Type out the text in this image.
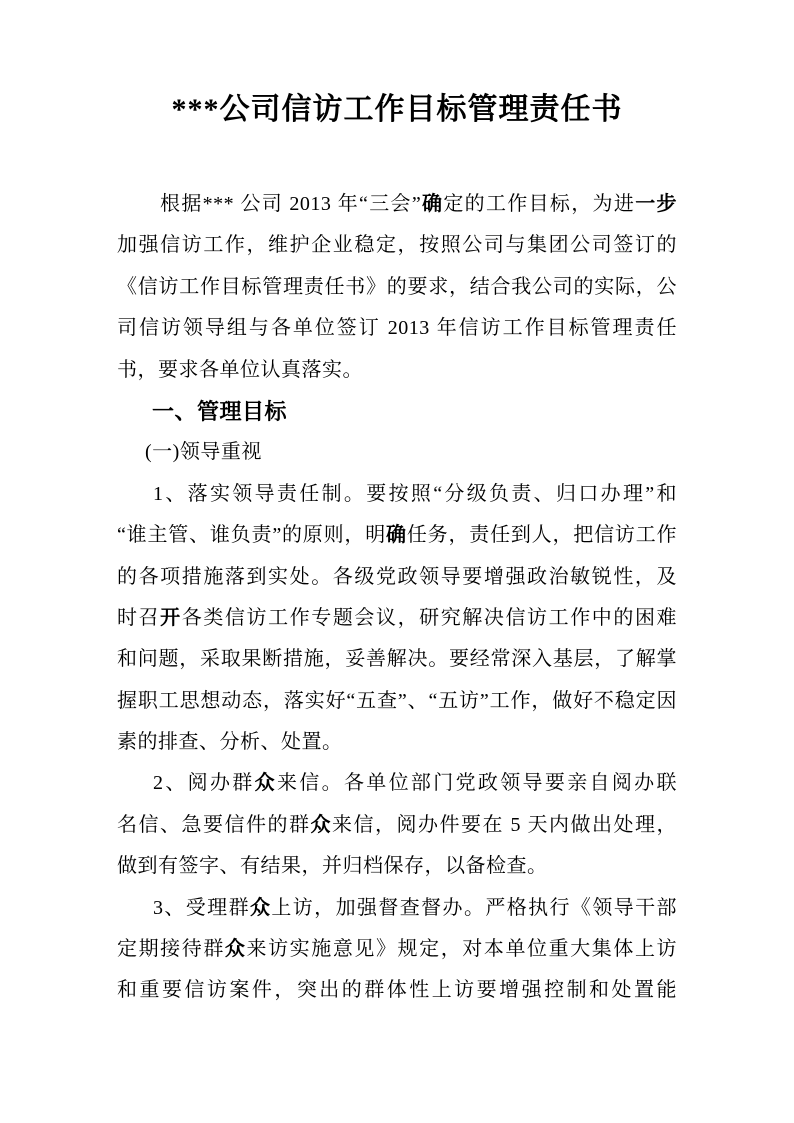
***公司信访工作目标管理责任书
根据*** 公司 2013 年“三会”确定的工作目标，为进一步
加强信访工作，维护企业稳定，按照公司与集团公司签订的
《信访工作目标管理责任书》的要求，结合我公司的实际，公
司信访领导组与各单位签订 2013 年信访工作目标管理责任
书，要求各单位认真落实。
一、管理目标
(一)领导重视
1、落实领导责任制。要按照“分级负责、归口办理”和
“谁主管、谁负责”的原则，明确任务，责任到人，把信访工作
的各项措施落到实处。各级党政领导要增强政治敏锐性，及
时召开各类信访工作专题会议，研究解决信访工作中的困难
和问题，采取果断措施，妥善解决。要经常深入基层，了解掌
握职工思想动态，落实好“五查”、“五访”工作，做好不稳定因
素的排查、分析、处置。
2、阅办群众来信。各单位部门党政领导要亲自阅办联
名信、急要信件的群众来信，阅办件要在 5 天内做出处理，
做到有签字、有结果，并归档保存，以备检查。
3、受理群众上访，加强督查督办。严格执行《领导干部
定期接待群众来访实施意见》规定，对本单位重大集体上访
和重要信访案件，突出的群体性上访要增强控制和处置能
